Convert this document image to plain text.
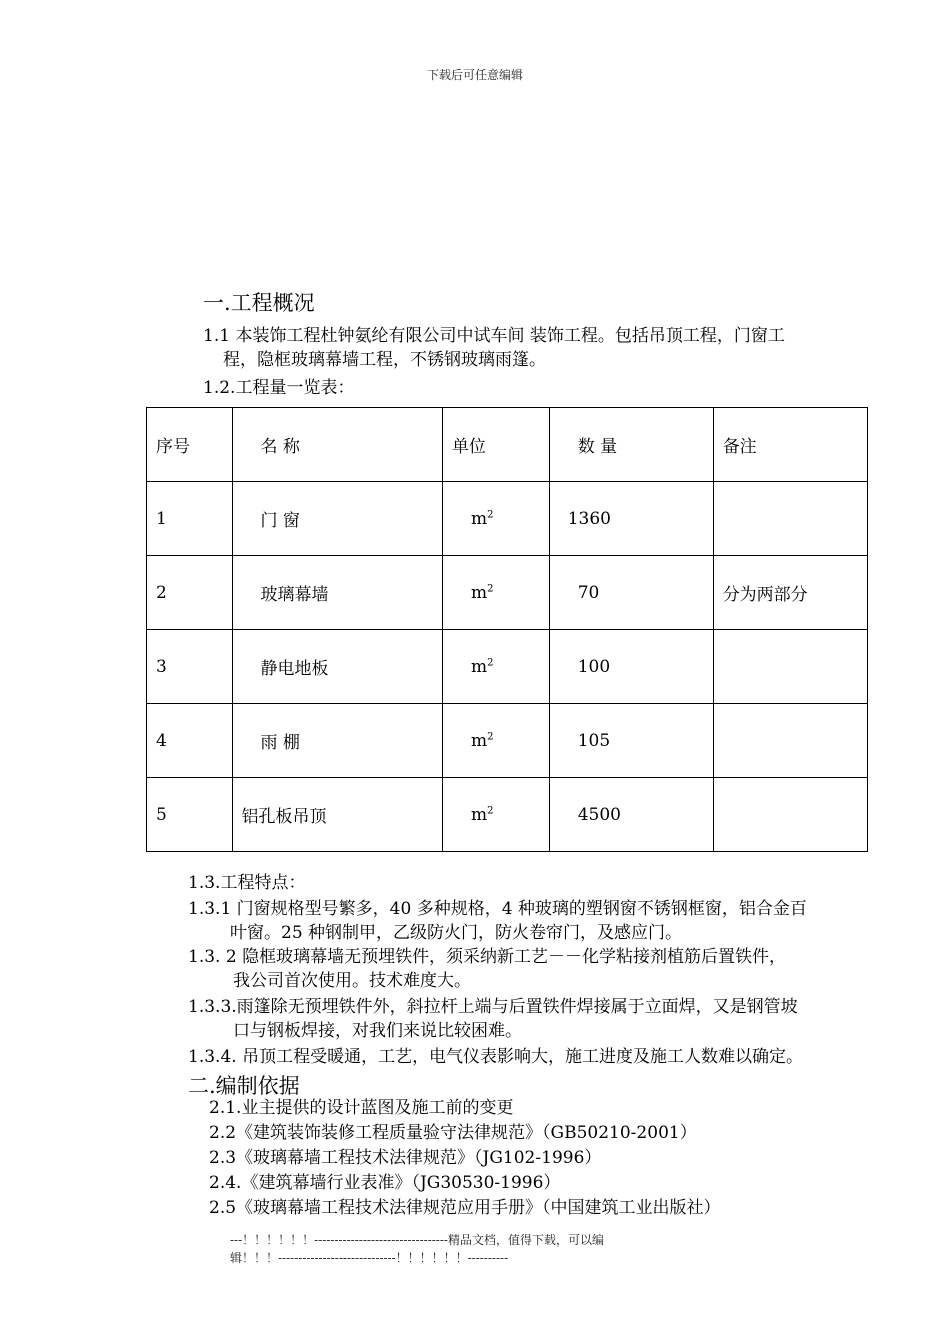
下载后可任意编辑
一.工程概况
1.1 本装饰工程杜钟氨纶有限公司中试车间 装饰工程。包括吊顶工程，门窗工
程，隐框玻璃幕墙工程，不锈钢玻璃雨篷。
1.2.工程量一览表：
序号	名 称	单位	数 量	备注
1	门 窗	$m^2$	1360	
2	玻璃幕墙	$m^2$	70	分为两部分
3	静电地板	$m^2$	100	
4	雨 棚	$m^2$	105	
5	铝孔板吊顶	$m^2$	4500	
1.3.工程特点：
1.3.1 门窗规格型号繁多，40 多种规格，4 种玻璃的塑钢窗不锈钢框窗，铝合金百
叶窗。25 种钢制甲，乙级防火门，防火卷帘门，及感应门。
1.3. 2 隐框玻璃幕墙无预埋铁件，须采纳新工艺－－化学粘接剂植筋后置铁件，
我公司首次使用。技术难度大。
1.3.3.雨篷除无预埋铁件外，斜拉杆上端与后置铁件焊接属于立面焊，又是钢管坡
口与钢板焊接，对我们来说比较困难。
1.3.4. 吊顶工程受暖通，工艺，电气仪表影响大，施工进度及施工人数难以确定。
二.编制依据
2.1.业主提供的设计蓝图及施工前的变更
2.2《建筑装饰装修工程质量验守法律规范》（GB50210-2001）
2.3《玻璃幕墙工程技术法律规范》（JG102-1996）
2.4.《建筑幕墙行业表准》（JG30530-1996）
2.5《玻璃幕墙工程技术法律规范应用手册》（中国建筑工业出版社）
---！！！！！！---------------------------------精品文档，值得下载，可以编
辑！！！-----------------------------！！！！！！----------
